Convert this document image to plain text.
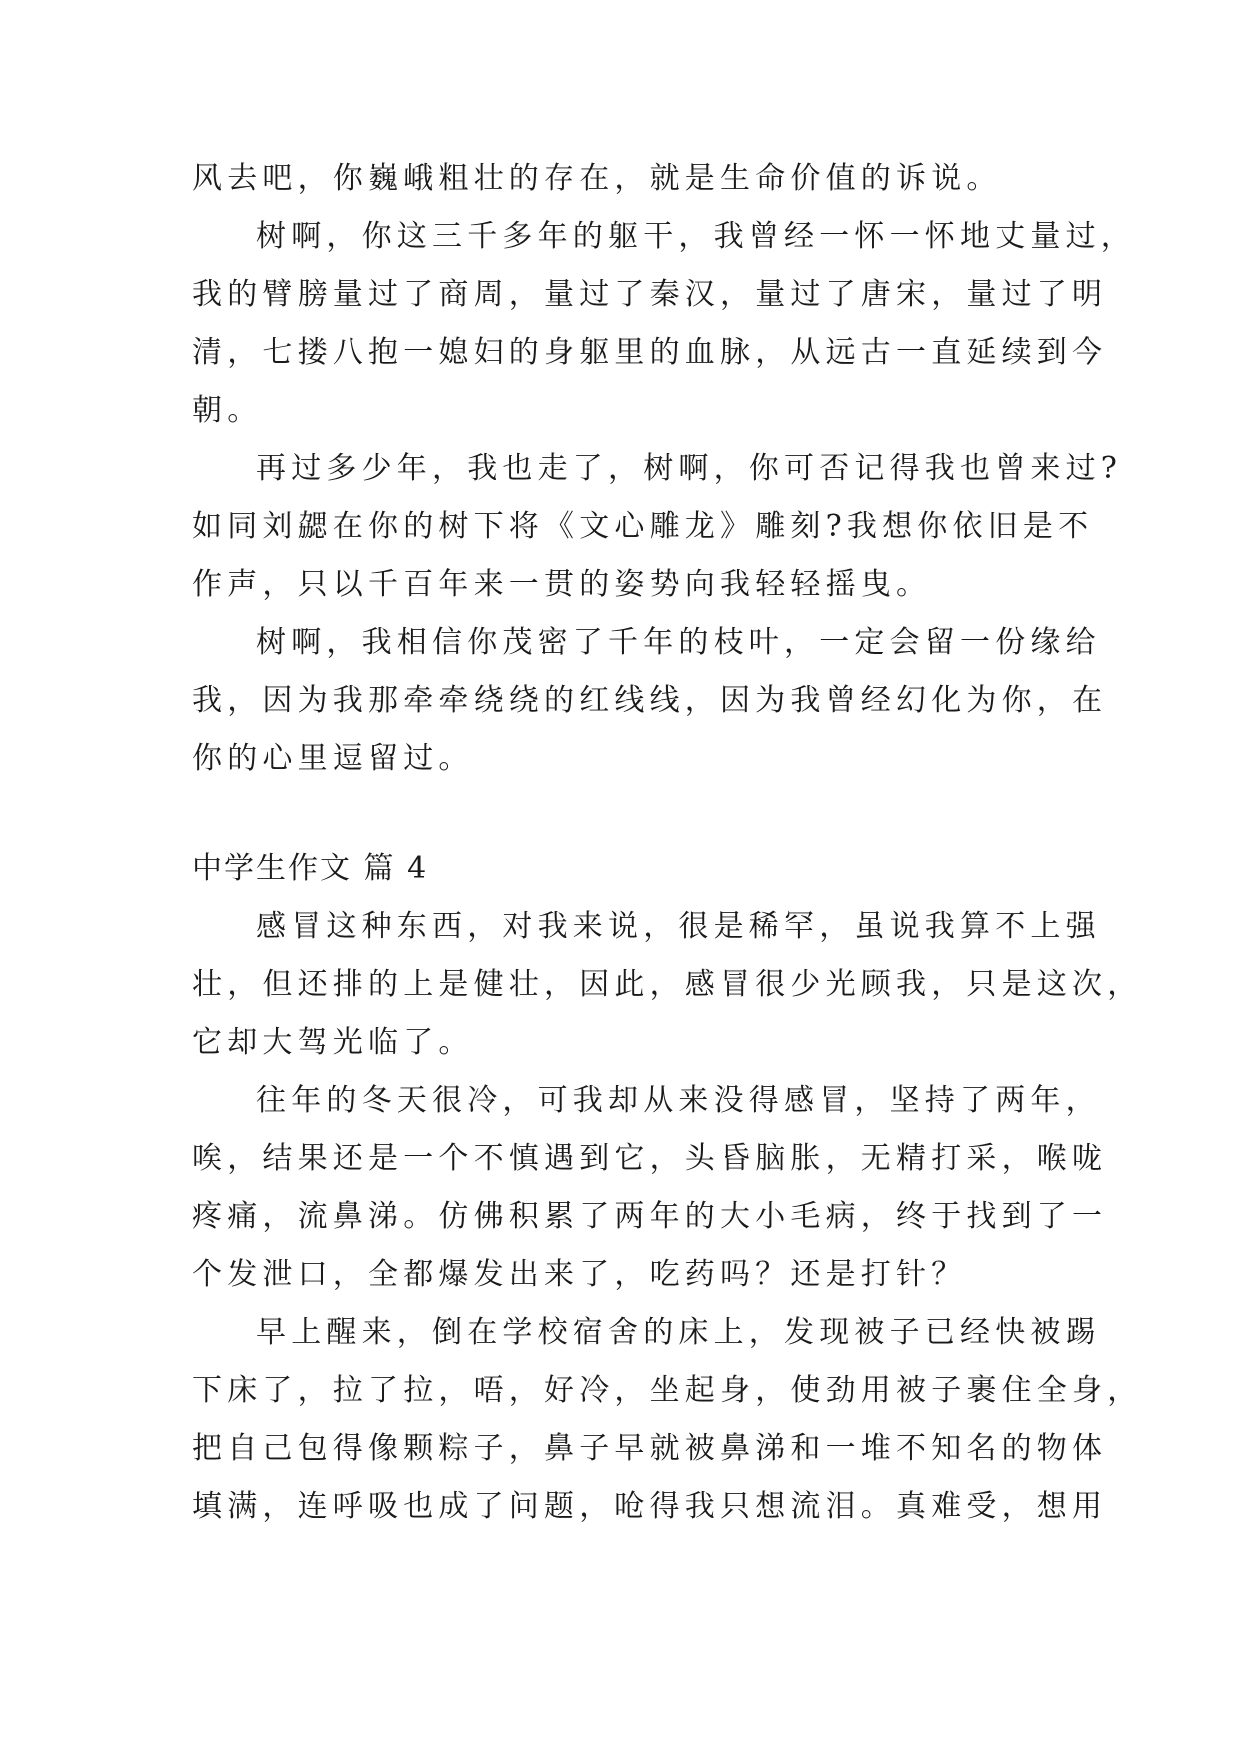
风去吧，你巍峨粗壮的存在，就是生命价值的诉说。
树啊，你这三千多年的躯干，我曾经一怀一怀地丈量过，
我的臂膀量过了商周，量过了秦汉，量过了唐宋，量过了明
清，七搂八抱一媳妇的身躯里的血脉，从远古一直延续到今
朝。
再过多少年，我也走了，树啊，你可否记得我也曾来过?
如同刘勰在你的树下将《文心雕龙》雕刻?我想你依旧是不
作声，只以千百年来一贯的姿势向我轻轻摇曳。
树啊，我相信你茂密了千年的枝叶，一定会留一份缘给
我，因为我那牵牵绕绕的红线线，因为我曾经幻化为你，在
你的心里逗留过。
中学生作文 篇 4
感冒这种东西，对我来说，很是稀罕，虽说我算不上强
壮，但还排的上是健壮，因此，感冒很少光顾我，只是这次，
它却大驾光临了。
往年的冬天很冷，可我却从来没得感冒，坚持了两年，
唉，结果还是一个不慎遇到它，头昏脑胀，无精打采，喉咙
疼痛，流鼻涕。仿佛积累了两年的大小毛病，终于找到了一
个发泄口，全都爆发出来了，吃药吗？还是打针？
早上醒来，倒在学校宿舍的床上，发现被子已经快被踢
下床了，拉了拉，唔，好冷，坐起身，使劲用被子裹住全身，
把自己包得像颗粽子，鼻子早就被鼻涕和一堆不知名的物体
填满，连呼吸也成了问题，呛得我只想流泪。真难受，想用
